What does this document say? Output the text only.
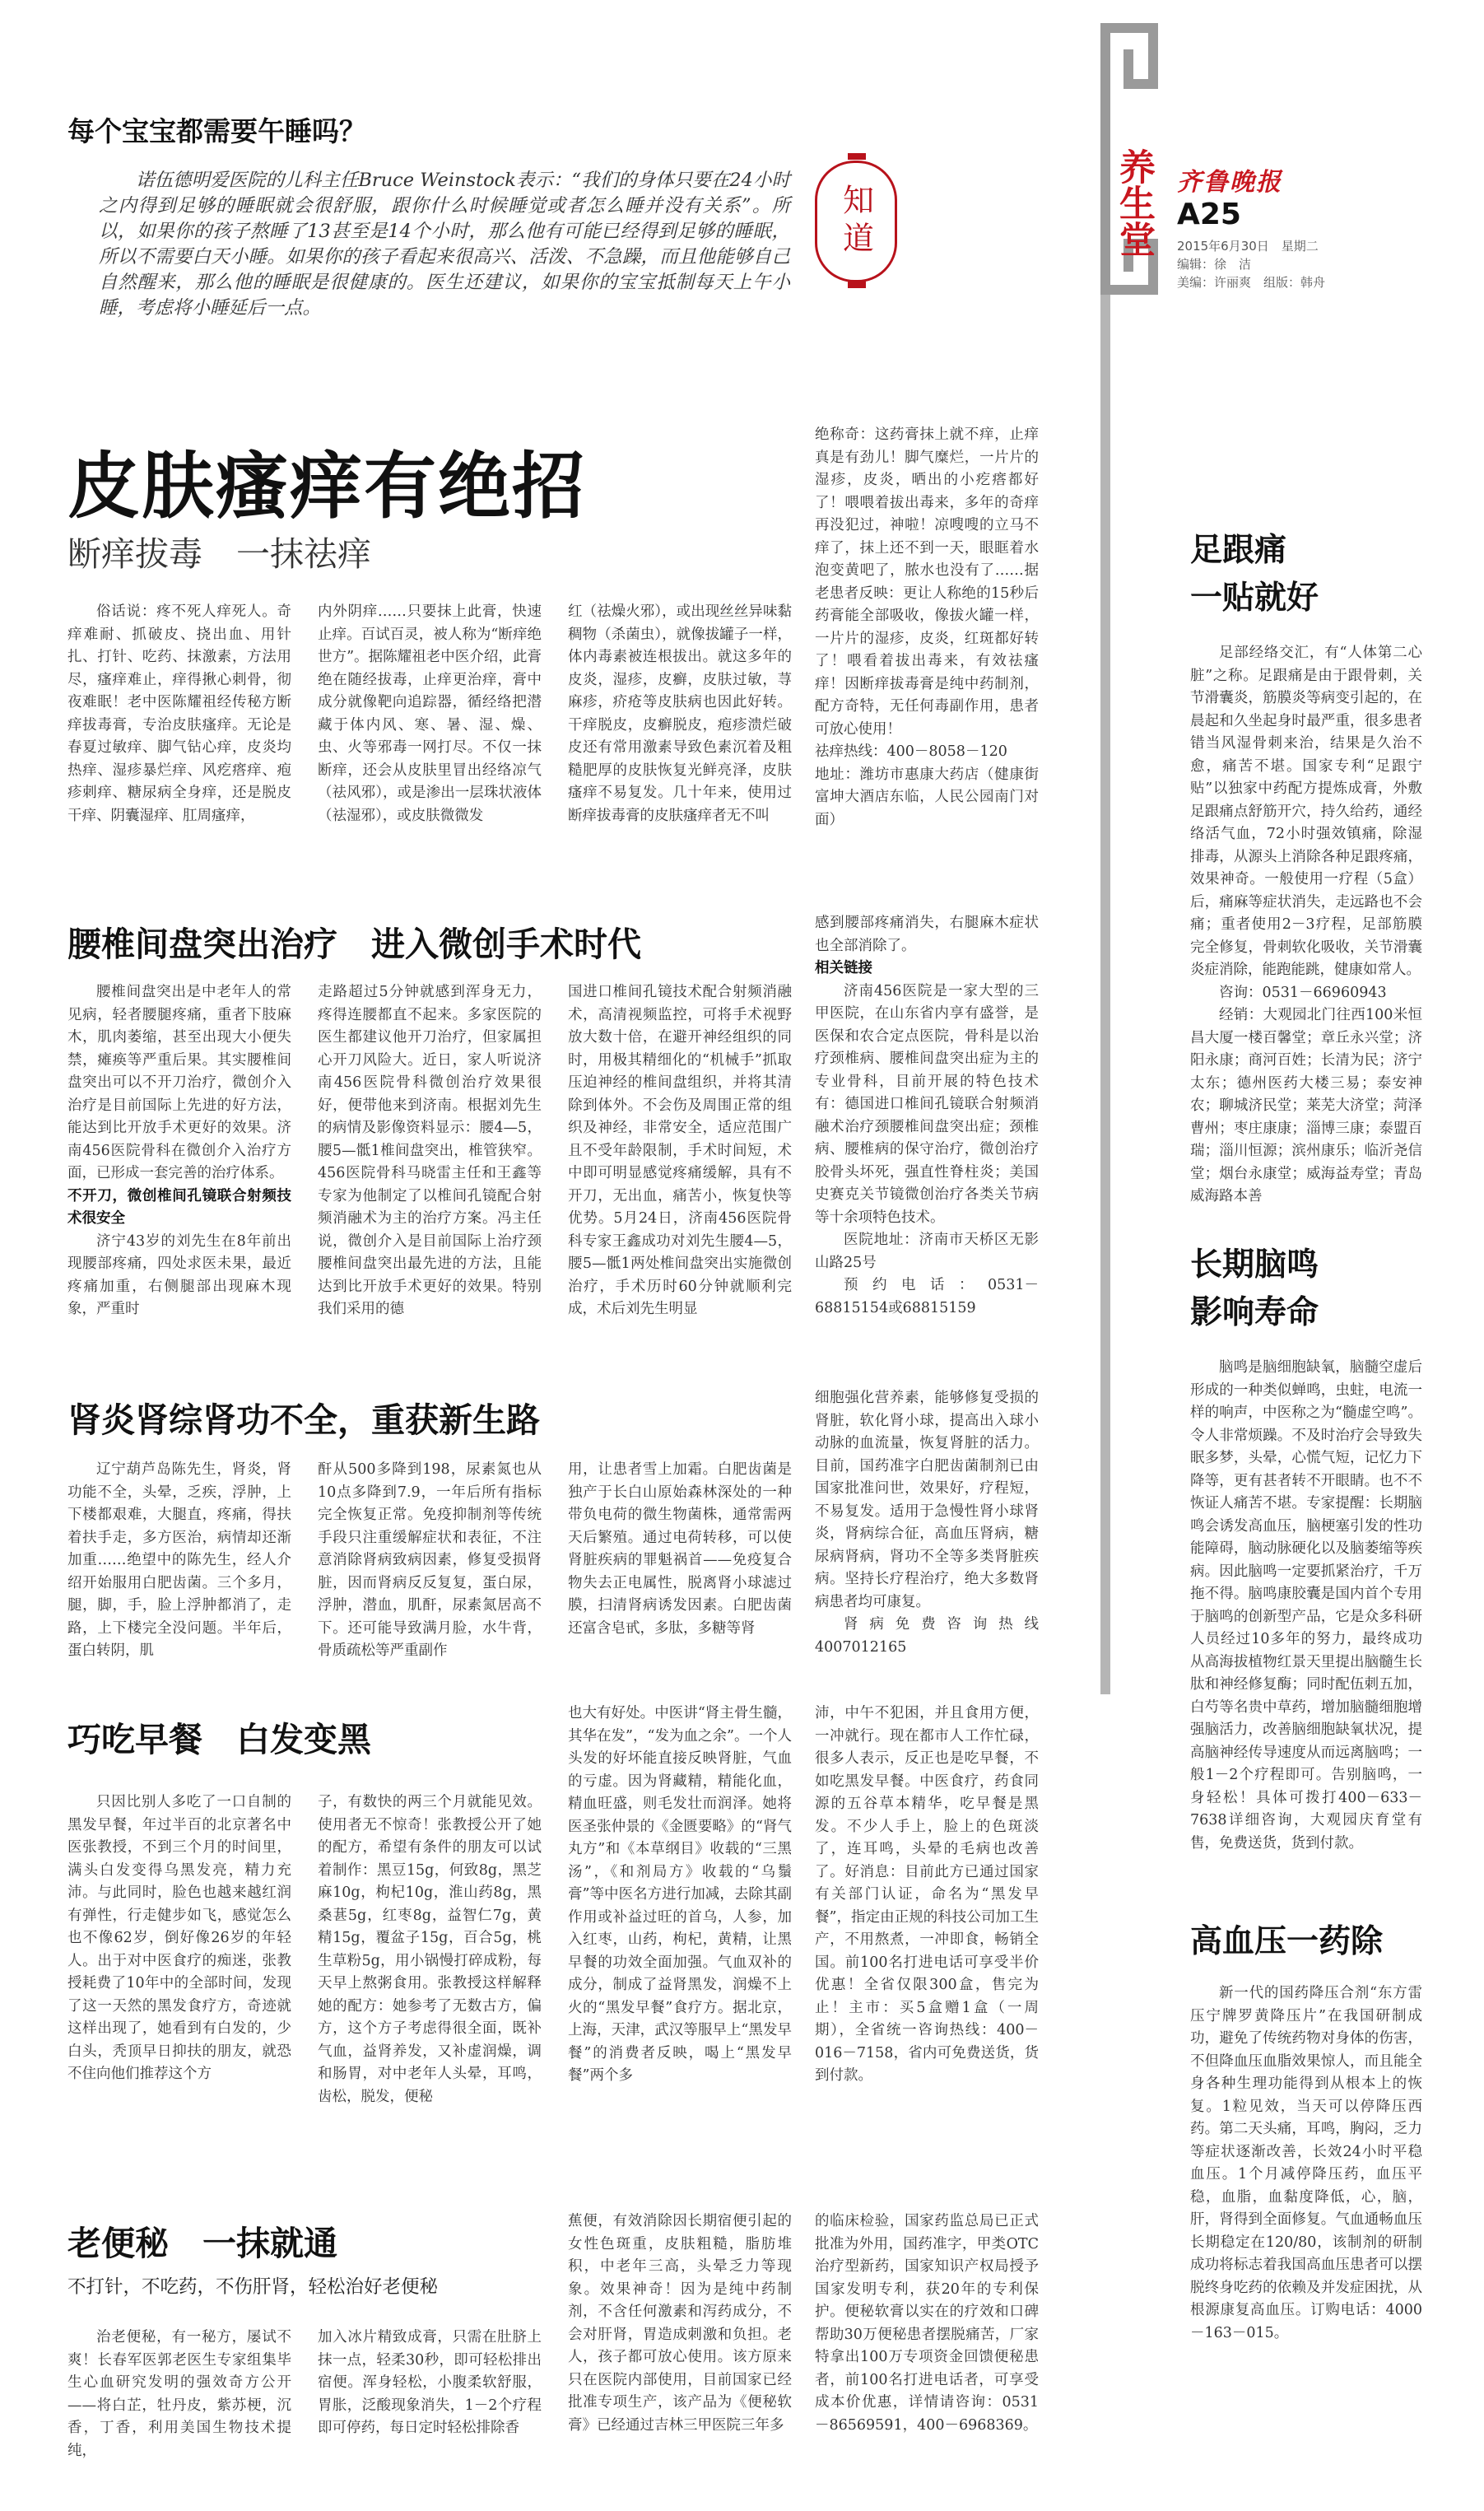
知道	养生堂 齐鲁晚报
A25
2015年6月30日　星期二
编辑：徐　洁
美编：许丽爽　组版：韩舟
每个宝宝都需要午睡吗？
诺伍德明爱医院的儿科主任Bruce Weinstock表示：“我们的身体只要在24小时之内得到足够的睡眠就会很舒服，跟你什么时候睡觉或者怎么睡并没有关系”。所以，如果你的孩子熬睡了13甚至是14个小时，那么他有可能已经得到足够的睡眠，所以不需要白天小睡。如果你的孩子看起来很高兴、活泼、不急躁，而且他能够自己自然醒来，那么他的睡眠是很健康的。医生还建议，如果你的宝宝抵制每天上午小睡，考虑将小睡延后一点。
皮肤瘙痒有绝招
断痒拔毒　一抹祛痒

俗话说：疼不死人痒死人。奇痒难耐、抓破皮、挠出血、用针扎、打针、吃药、抹激素，方法用尽，瘙痒难止，痒得揪心刺骨，彻夜难眠！老中医陈耀祖经传秘方断痒拔毒膏，专治皮肤瘙痒。无论是春夏过敏痒、脚气钻心痒，皮炎均热痒、湿疹暴烂痒、风疙瘩痒、疱疹刺痒、糖尿病全身痒，还是脱皮干痒、阴囊湿痒、肛周瘙痒，

内外阴痒……只要抹上此膏，快速止痒。百试百灵，被人称为“断痒绝世方”。据陈耀祖老中医介绍，此膏绝在随经拔毒，止痒更治痒，膏中成分就像靶向追踪器，循经络把潜藏于体内风、寒、暑、湿、燥、虫、火等邪毒一网打尽。不仅一抹断痒，还会从皮肤里冒出经络凉气（祛风邪），或是渗出一层珠状液体（祛湿邪），或皮肤微微发

红（祛燥火邪），或出现丝丝异味黏稠物（杀菌虫），就像拔罐子一样，体内毒素被连根拔出。就这多年的皮炎，湿疹，皮癣，皮肤过敏，荨麻疹，疥疮等皮肤病也因此好转。干痒脱皮，皮癣脱皮，疱疹溃烂破皮还有常用激素导致色素沉着及粗糙肥厚的皮肤恢复光鲜亮泽，皮肤瘙痒不易复发。几十年来，使用过断痒拔毒膏的皮肤瘙痒者无不叫

绝称奇：这药膏抹上就不痒，止痒真是有劲儿！脚气糜烂，一片片的湿疹，皮炎，晒出的小疙瘩都好了！喂喂着拔出毒来，多年的奇痒再没犯过，神啦！凉嗖嗖的立马不痒了，抹上还不到一天，眼眶着水泡变黄吧了，脓水也没有了……据老患者反映：更让人称绝的15秒后药膏能全部吸收，像拔火罐一样，一片片的湿疹，皮炎，红斑都好转了！喂看着拔出毒来，有效祛瘙痒！因断痒拔毒膏是纯中药制剂，配方奇特，无任何毒副作用，患者可放心使用！

祛痒热线：400－8058－120

地址：潍坊市惠康大药店（健康街富坤大酒店东临，人民公园南门对面）

腰椎间盘突出治疗　进入微创手术时代

腰椎间盘突出是中老年人的常见病，轻者腰腿疼痛，重者下肢麻木，肌肉萎缩，甚至出现大小便失禁，瘫痪等严重后果。其实腰椎间盘突出可以不开刀治疗，微创介入治疗是目前国际上先进的好方法，能达到比开放手术更好的效果。济南456医院骨科在微创介入治疗方面，已形成一套完善的治疗体系。

不开刀，微创椎间孔镜联合射频技术很安全

济宁43岁的刘先生在8年前出现腰部疼痛，四处求医未果，最近疼痛加重，右侧腿部出现麻木现象，严重时

走路超过5分钟就感到浑身无力，疼得连腰都直不起来。多家医院的医生都建议他开刀治疗，但家属担心开刀风险大。近日，家人听说济南456医院骨科微创治疗效果很好，便带他来到济南。根据刘先生的病情及影像资料显示：腰4—5，腰5—骶1椎间盘突出，椎管狭窄。456医院骨科马晓雷主任和王鑫等专家为他制定了以椎间孔镜配合射频消融术为主的治疗方案。冯主任说，微创介入是目前国际上治疗颈腰椎间盘突出最先进的方法，且能达到比开放手术更好的效果。特别我们采用的德

国进口椎间孔镜技术配合射频消融术，高清视频监控，可将手术视野放大数十倍，在避开神经组织的同时，用极其精细化的“机械手”抓取压迫神经的椎间盘组织，并将其清除到体外。不会伤及周围正常的组织及神经，非常安全，适应范围广且不受年龄限制，手术时间短，术中即可明显感觉疼痛缓解，具有不开刀，无出血，痛苦小，恢复快等优势。5月24日，济南456医院骨科专家王鑫成功对刘先生腰4—5，腰5—骶1两处椎间盘突出实施微创治疗，手术历时60分钟就顺利完成，术后刘先生明显

感到腰部疼痛消失，右腿麻木症状也全部消除了。

相关链接

济南456医院是一家大型的三甲医院，在山东省内享有盛誉，是医保和农合定点医院，骨科是以治疗颈椎病、腰椎间盘突出症为主的专业骨科，目前开展的特色技术有：德国进口椎间孔镜联合射频消融术治疗颈腰椎间盘突出症；颈椎病、腰椎病的保守治疗，微创治疗胶骨头坏死，强直性脊柱炎；美国史赛克关节镜微创治疗各类关节病等十余项特色技术。

医院地址：济南市天桥区无影山路25号

预约电话：0531－68815154或68815159

肾炎肾综肾功不全，重获新生路

辽宁葫芦岛陈先生，肾炎，肾功能不全，头晕，乏疾，浮肿，上下楼都艰难，大腿直，疼痛，得扶着扶手走，多方医治，病情却还渐加重……绝望中的陈先生，经人介绍开始服用白肥齿菌。三个多月，腿，脚，手，脸上浮肿都消了，走路，上下楼完全没问题。半年后，蛋白转阴，肌

酐从500多降到198，尿素氮也从10点多降到7.9，一年后所有指标完全恢复正常。免疫抑制剂等传统手段只注重缓解症状和表征，不注意消除肾病致病因素，修复受损肾脏，因而肾病反反复复，蛋白尿，浮肿，潜血，肌酐，尿素氮居高不下。还可能导致满月脸，水牛背，骨质疏松等严重副作

用，让患者雪上加霜。白肥齿菌是独产于长白山原始森林深处的一种带负电荷的微生物菌株，通常需两天后繁殖。通过电荷转移，可以使肾脏疾病的罪魁祸首——免疫复合物失去正电属性，脱离肾小球滤过膜，扫清肾病诱发因素。白肥齿菌还富含皂甙，多肽，多糖等肾

细胞强化营养素，能够修复受损的肾脏，软化肾小球，提高出入球小动脉的血流量，恢复肾脏的活力。目前，国药准字白肥齿菌制剂已由国家批准问世，效果好，疗程短，不易复发。适用于急慢性肾小球肾炎，肾病综合征，高血压肾病，糖尿病肾病，肾功不全等多类肾脏疾病。坚持长疗程治疗，绝大多数肾病患者均可康复。

肾病免费咨询热线4007012165

巧吃早餐　白发变黑

只因比别人多吃了一口自制的黑发早餐，年过半百的北京著名中医张教授，不到三个月的时间里，满头白发变得乌黑发亮，精力充沛。与此同时，脸色也越来越红润有弹性，行走健步如飞，感觉怎么也不像62岁，倒好像26岁的年轻人。出于对中医食疗的痴迷，张教授耗费了10年中的全部时间，发现了这一天然的黑发食疗方，奇迹就这样出现了，她看到有白发的，少白头，秃顶早日抑扶的朋友，就恐不住向他们推荐这个方

子，有数快的两三个月就能见效。使用者无不惊奇！张教授公开了她的配方，希望有条件的朋友可以试着制作：黑豆15g，何致8g，黑芝麻10g，枸杞10g，淮山药8g，黑桑葚5g，红枣8g，益智仁7g，黄精15g，覆盆子15g，百合5g，桃生草粉5g，用小锅慢打碎成粉，每天早上熬粥食用。张教授这样解释她的配方：她参考了无数古方，偏方，这个方子考虑得很全面，既补气血，益肾养发，又补虚润燥，调和肠胃，对中老年人头晕，耳鸣，齿松，脱发，便秘

也大有好处。中医讲“肾主骨生髓，其华在发”，“发为血之余”。一个人头发的好坏能直接反映肾脏，气血的亏虚。因为肾藏精，精能化血，精血旺盛，则毛发壮而润泽。她将医圣张仲景的《金匮要略》的“肾气丸方”和《本草纲目》收载的“三黑汤”，《和剂局方》收载的“乌鬚膏”等中医名方进行加减，去除其副作用或补益过旺的首乌，人参，加入红枣，山药，枸杞，黄精，让黑早餐的功效全面加强。气血双补的成分，制成了益肾黑发，润燥不上火的“黑发早餐”食疗方。据北京，上海，天津，武汉等服早上“黑发早餐”的消费者反映，喝上“黑发早餐”两个多

沛，中午不犯困，并且食用方便，一冲就行。现在都市人工作忙碌，很多人表示，反正也是吃早餐，不如吃黑发早餐。中医食疗，药食同源的五谷草本精华，吃早餐是黑发。不少人手上，脸上的色斑淡了，连耳鸣，头晕的毛病也改善了。好消息：目前此方已通过国家有关部门认证，命名为“黑发早餐”，指定由正规的科技公司加工生产，不用熬煮，一冲即食，畅销全国。前100名打进电话可享受半价优惠！全省仅限300盒，售完为止！主市：买5盒赠1盒（一周期），全省统一咨询热线：400－016－7158，省内可免费送货，货到付款。

老便秘　一抹就通
不打针，不吃药，不伤肝肾，轻松治好老便秘

治老便秘，有一秘方，屡试不爽！长春军医郭老医生专家组集毕生心血研究发明的强效奇方公开——将白芷，牡丹皮，紫苏梗，沉香，丁香，利用美国生物技术提纯，

加入冰片精致成膏，只需在肚脐上抹一点，轻柔30秒，即可轻松排出宿便。浑身轻松，小腹柔软舒服，胃胀，泛酸现象消失，1－2个疗程即可停药，每日定时轻松排除香

蕉便，有效消除因长期宿便引起的女性色斑重，皮肤粗糙，脂肪堆积，中老年三高，头晕乏力等现象。效果神奇！因为是纯中药制剂，不含任何激素和泻药成分，不会对肝肾，胃造成刺激和负担。老人，孩子都可放心使用。该方原来只在医院内部使用，目前国家已经批准专项生产，该产品为《便秘软膏》已经通过吉林三甲医院三年多

的临床检验，国家药监总局已正式批准为外用，国药准字，甲类OTC治疗型新药，国家知识产权局授予国家发明专利，获20年的专利保护。便秘软膏以实在的疗效和口碑帮助30万便秘患者摆脱痛苦，厂家特拿出100万专项资金回馈便秘患者，前100名打进电话者，可享受成本价优惠，详情请咨询：0531－86569591，400－6968369。

足跟痛
一贴就好

足部经络交汇，有“人体第二心脏”之称。足跟痛是由于跟骨刺，关节滑囊炎，筋膜炎等病变引起的，在晨起和久坐起身时最严重，很多患者错当风湿骨刺来治，结果是久治不愈，痛苦不堪。国家专利“足跟宁贴”以独家中药配方提炼成膏，外敷足跟痛点舒筋开穴，持久给药，通经络活气血，72小时强效镇痛，除湿排毒，从源头上消除各种足跟疼痛，效果神奇。一般使用一疗程（5盒）后，痛麻等症状消失，走远路也不会痛；重者使用2－3疗程，足部筋膜完全修复，骨刺软化吸收，关节滑囊炎症消除，能跑能跳，健康如常人。

咨询：0531－66960943

经销：大观园北门往西100米恒昌大厦一楼百馨堂；章丘永兴堂；济阳永康；商河百姓；长清为民；济宁太东；德州医药大楼三易；泰安神农；聊城济民堂；莱芜大济堂；菏泽曹州；枣庄康康；淄博三康；泰盟百瑞；淄川恒源；滨州康乐；临沂尧信堂；烟台永康堂；威海益寿堂；青岛威海路本善

长期脑鸣
影响寿命

脑鸣是脑细胞缺氧，脑髓空虚后形成的一种类似蝉鸣，虫蛀，电流一样的响声，中医称之为“髓虚空鸣”。令人非常烦躁。不及时治疗会导致失眠多梦，头晕，心慌气短，记忆力下降等，更有甚者转不开眼睛。也不不恢证人痛苦不堪。专家提醒：长期脑鸣会诱发高血压，脑梗塞引发的性功能障碍，脑动脉硬化以及脑萎缩等疾病。因此脑鸣一定要抓紧治疗，千万拖不得。脑鸣康胶囊是国内首个专用于脑鸣的创新型产品，它是众多科研人员经过10多年的努力，最终成功从高海拔植物红景天里提出脑髓生长肽和神经修复酶；同时配伍刺五加，白芍等名贵中草药，增加脑髓细胞增强脑活力，改善脑细胞缺氧状况，提高脑神经传导速度从而远离脑鸣；一般1－2个疗程即可。告别脑鸣，一身轻松！具体可拨打400－633－7638详细咨询，大观园庆育堂有售，免费送货，货到付款。

高血压一药除

新一代的国药降压合剂“东方雷压宁牌罗黄降压片”在我国研制成功，避免了传统药物对身体的伤害，不但降血压血脂效果惊人，而且能全身各种生理功能得到从根本上的恢复。1粒见效，当天可以停降压西药。第二天头痛，耳鸣，胸闷，乏力等症状逐渐改善，长效24小时平稳血压。1个月减停降压药，血压平稳，血脂，血黏度降低，心，脑，肝，肾得到全面修复。气血通畅血压长期稳定在120/80，该制剂的研制成功将标志着我国高血压患者可以摆脱终身吃药的依赖及并发症困扰，从根源康复高血压。订购电话：4000－163－015。
